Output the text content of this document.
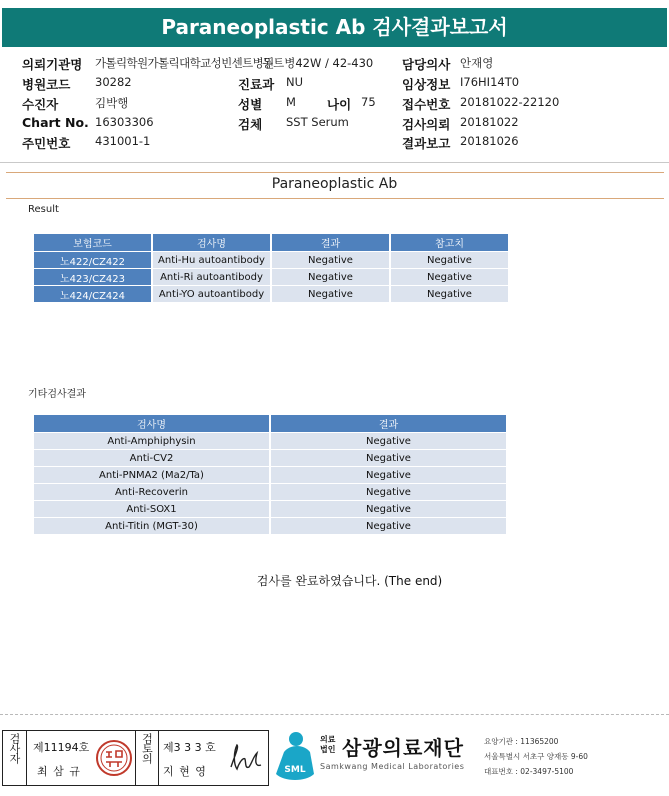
Paraneoplastic Ab 검사결과보고서
의뢰기관명 가톨릭학원가톨릭대학교성빈센트병원
동트병42W / 42-430 담당의사 안재영
병원코드 30282	진료과 NU	임상정보 I76HI14T0
수진자	김박행	성별 M 나이 75 접수번호 20181022-22120
Chart No. 16303306	검체 SST Serum	검사의뢰 20181022
주민번호 431001-1	결과보고 20181026
Paraneoplastic Ab
Result
보험코드	검사명	결과	참고치
노422/CZ422	Anti-Hu autoantibody	Negative	Negative
노423/CZ423	Anti-Ri autoantibody	Negative	Negative
노424/CZ424	Anti-YO autoantibody	Negative	Negative
기타검사결과
검사명	결과
Anti-Amphiphysin	Negative
Anti-CV2	Negative
Anti-PNMA2 (Ma2/Ta)	Negative
Anti-Recoverin	Negative
Anti-SOX1	Negative
Anti-Titin (MGT-30)	Negative
검사를 완료하였습니다. (The end)
검사자	제11194호
최 삼 규
검토의 제3 3 3 호
지 현 영	SML
의료
법인 삼광의료재단
Samkwang Medical Laboratories
요양기관 : 11365200
서울특별시 서초구 양재동 9-60
대표번호 : 02-3497-5100
